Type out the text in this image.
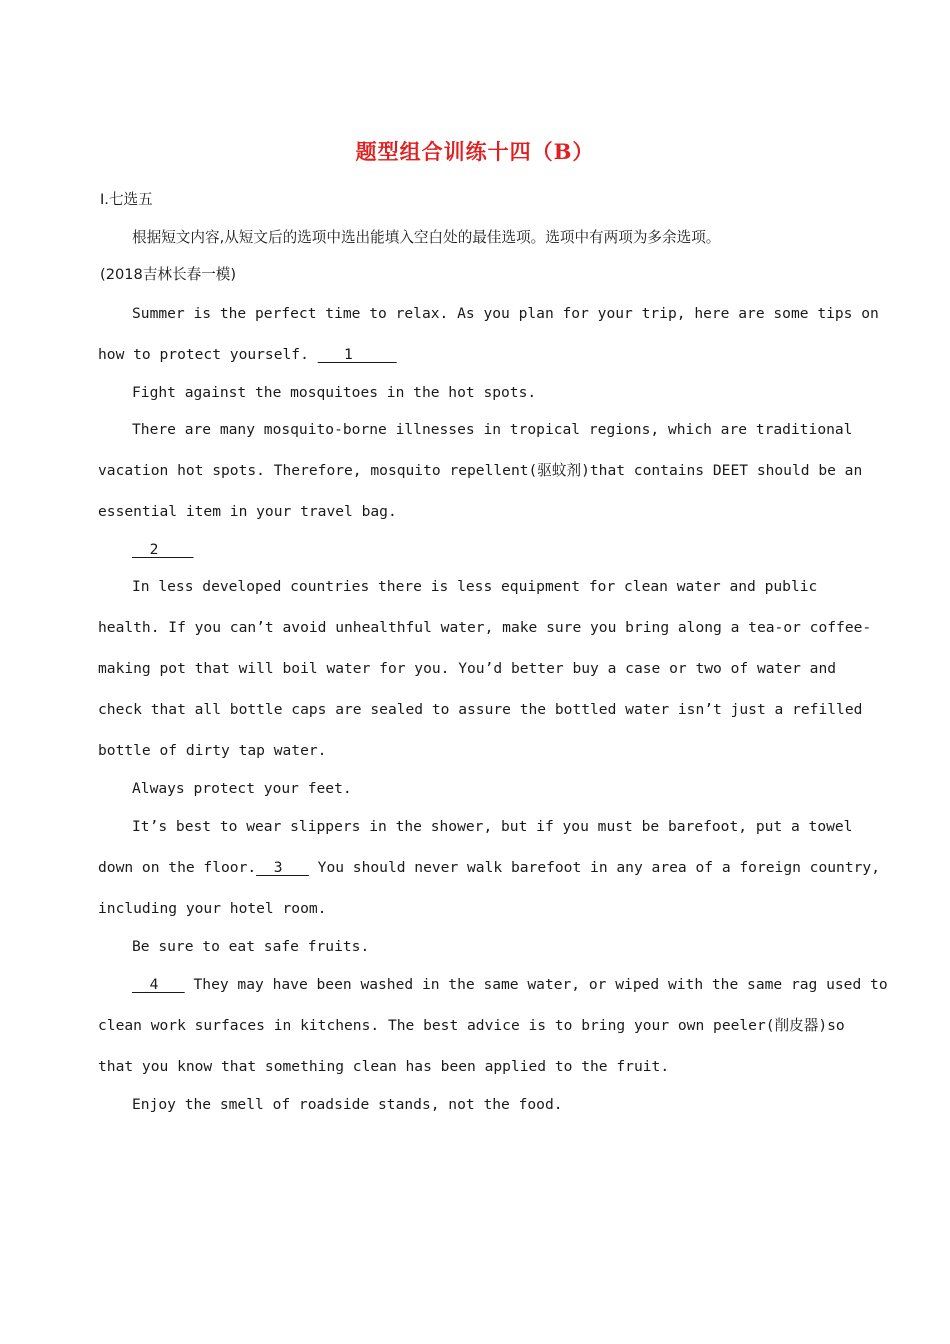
题型组合训练十四（B）
Ⅰ.七选五
根据短文内容,从短文后的选项中选出能填入空白处的最佳选项。选项中有两项为多余选项。
(2018吉林长春一模)
Summer is the perfect time to relax. As you plan for your trip, here are some tips on
how to protect yourself.    1
Fight against the mosquitoes in the hot spots.
There are many mosquito-borne illnesses in tropical regions, which are traditional
vacation hot spots. Therefore, mosquito repellent(驱蚊剂)that contains DEET should be an
essential item in your travel bag.
2
In less developed countries there is less equipment for clean water and public
health. If you can’t avoid unhealthful water, make sure you bring along a tea-or coffee-
making pot that will boil water for you. You’d better buy a case or two of water and
check that all bottle caps are sealed to assure the bottled water isn’t just a refilled
bottle of dirty tap water.
Always protect your feet.
It’s best to wear slippers in the shower, but if you must be barefoot, put a towel
down on the floor.  3    You should never walk barefoot in any area of a foreign country,
including your hotel room.
Be sure to eat safe fruits.
4    They may have been washed in the same water, or wiped with the same rag used to
clean work surfaces in kitchens. The best advice is to bring your own peeler(削皮器)so
that you know that something clean has been applied to the fruit.
Enjoy the smell of roadside stands, not the food.
